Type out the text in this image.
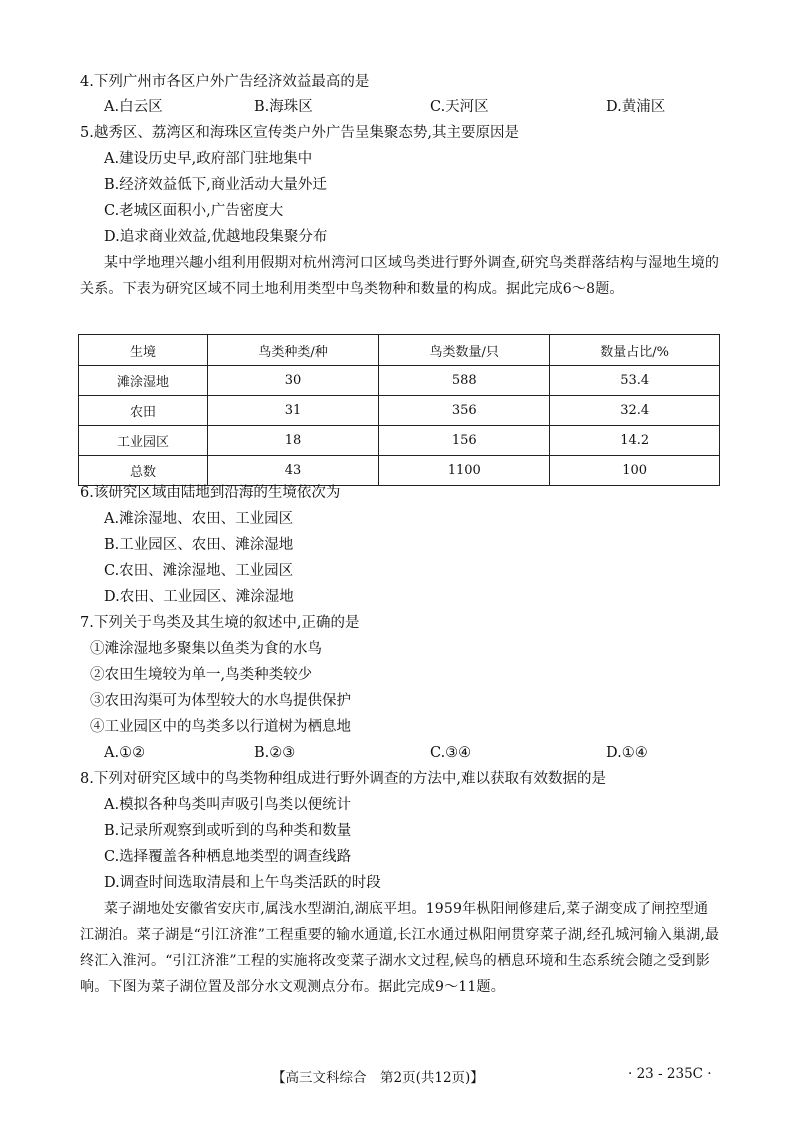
4.下列广州市各区户外广告经济效益最高的是
A.白云区	B.海珠区	C.天河区	D.黄浦区
5.越秀区、荔湾区和海珠区宣传类户外广告呈集聚态势,其主要原因是
A.建设历史早,政府部门驻地集中
B.经济效益低下,商业活动大量外迁
C.老城区面积小,广告密度大
D.追求商业效益,优越地段集聚分布
某中学地理兴趣小组利用假期对杭州湾河口区域鸟类进行野外调查,研究鸟类群落结构与湿地生境的关系。下表为研究区域不同土地利用类型中鸟类物种和数量的构成。据此完成6～8题。
生境	鸟类种类/种	鸟类数量/只	数量占比/%
滩涂湿地	30	588	53.4
农田	31	356	32.4
工业园区	18	156	14.2
总数	43	1100	100
6.该研究区域由陆地到沿海的生境依次为
A.滩涂湿地、农田、工业园区
B.工业园区、农田、滩涂湿地
C.农田、滩涂湿地、工业园区
D.农田、工业园区、滩涂湿地
7.下列关于鸟类及其生境的叙述中,正确的是
①滩涂湿地多聚集以鱼类为食的水鸟
②农田生境较为单一,鸟类种类较少
③农田沟渠可为体型较大的水鸟提供保护
④工业园区中的鸟类多以行道树为栖息地
A.①②	B.②③	C.③④	D.①④
8.下列对研究区域中的鸟类物种组成进行野外调查的方法中,难以获取有效数据的是
A.模拟各种鸟类叫声吸引鸟类以便统计
B.记录所观察到或听到的鸟种类和数量
C.选择覆盖各种栖息地类型的调查线路
D.调查时间选取清晨和上午鸟类活跃的时段
菜子湖地处安徽省安庆市,属浅水型湖泊,湖底平坦。1959年枞阳闸修建后,菜子湖变成了闸控型通江湖泊。菜子湖是“引江济淮”工程重要的输水通道,长江水通过枞阳闸贯穿菜子湖,经孔城河输入巢湖,最终汇入淮河。“引江济淮”工程的实施将改变菜子湖水文过程,候鸟的栖息环境和生态系统会随之受到影响。下图为菜子湖位置及部分水文观测点分布。据此完成9～11题。
【高三文科综合　第2页(共12页)】	· 23 - 235C ·
